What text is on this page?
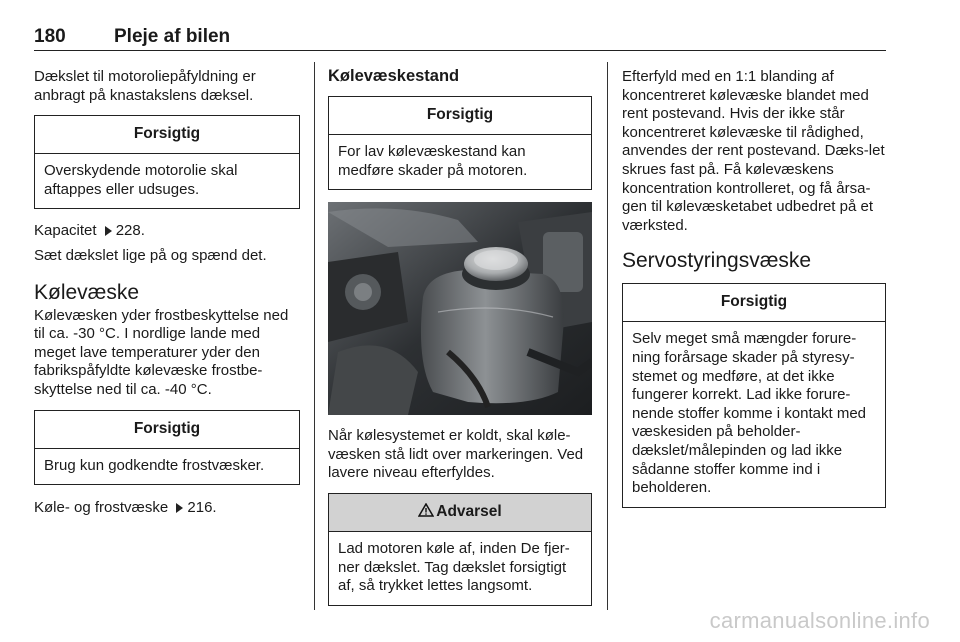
180	Pleje af bilen

Dækslet til motoroliepåfyldning er anbragt på knastakslens dæksel.

Forsigtig
Overskydende motorolie skal aftappes eller udsuges.

Kapacitet 228.

Sæt dækslet lige på og spænd det.

Kølevæske

Kølevæsken yder frostbeskyttelse ned til ca. -30 °C. I nordlige lande med meget lave temperaturer yder den fabrikspåfyldte kølevæske frostbe-skyttelse ned til ca. -40 °C.

Forsigtig
Brug kun godkendte frostvæsker.

Køle- og frostvæske 216.

Kølevæskestand
Forsigtig
For lav kølevæskestand kan medføre skader på motoren.

Når kølesystemet er koldt, skal køle-væsken stå lidt over markeringen. Ved lavere niveau efterfyldes.

Advarsel
Lad motoren køle af, inden De fjer-ner dækslet. Tag dækslet forsigtigt af, så trykket lettes langsomt.

Efterfyld med en 1:1 blanding af koncentreret kølevæske blandet med rent postevand. Hvis der ikke står koncentreret kølevæske til rådighed, anvendes der rent postevand. Dæks-let skrues fast på. Få kølevæskens koncentration kontrolleret, og få årsa-gen til kølevæsketabet udbedret på et værksted.

Servostyringsvæske
Forsigtig
Selv meget små mængder forure-ning forårsage skader på styresy-stemet og medføre, at det ikke fungerer korrekt. Lad ikke forure-nende stoffer komme i kontakt med væskesiden på beholder-dækslet/målepinden og lad ikke sådanne stoffer komme ind i beholderen.
carmanualsonline.info
